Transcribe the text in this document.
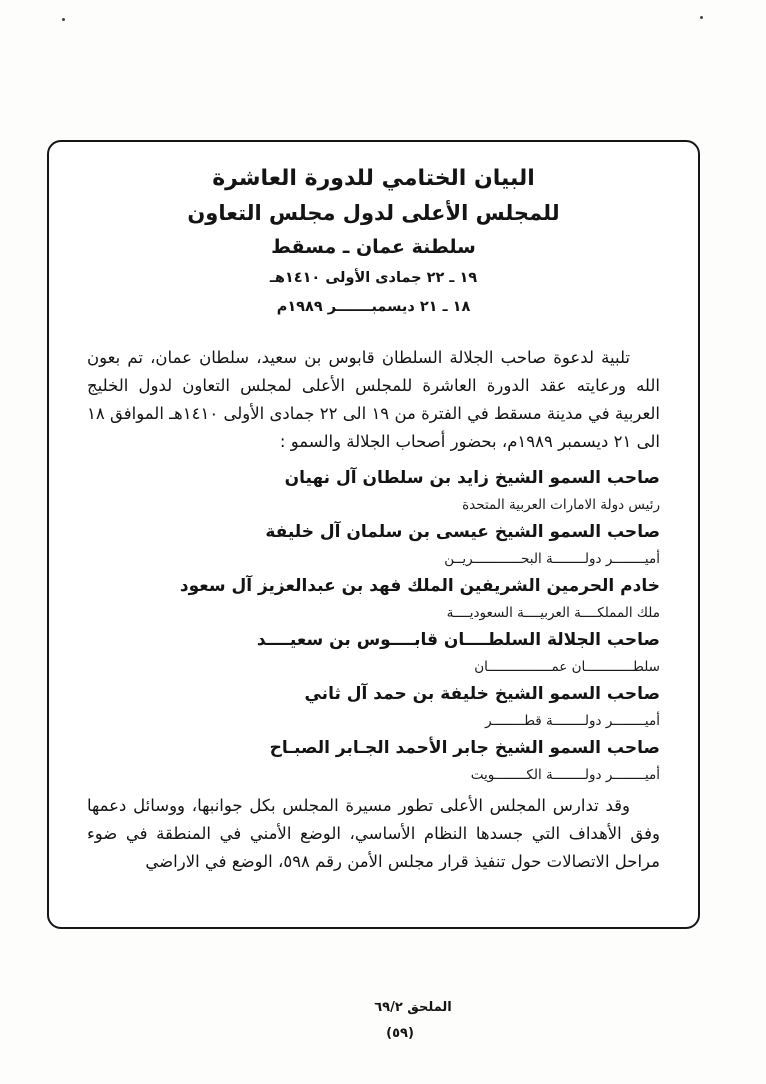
البيان الختامي للدورة العاشرة
للمجلس الأعلى لدول مجلس التعاون
سلطنة عمان ـ مسقط
١٩ ـ ٢٢ جمادى الأولى ١٤١٠هـ
١٨ ـ ٢١ ديسمبـــــــر ١٩٨٩م

تلبية لدعوة صاحب الجلالة السلطان قابوس بن سعيد، سلطان عمان، تم بعون الله ورعايته عقد الدورة العاشرة للمجلس الأعلى لمجلس التعاون لدول الخليج العربية في مدينة مسقط في الفترة من ١٩ الى ٢٢ جمادى الأولى ١٤١٠هـ الموافق ١٨ الى ٢١ ديسمبر ١٩٨٩م، بحضور أصحاب الجلالة والسمو :

صاحب السمو الشيخ زايد بن سلطان آل نهيان
رئيس دولة الامارات العربية المتحدة
صاحب السمو الشيخ عيسى بن سلمان آل خليفة
أميــــــــر دولــــــــة البحــــــــــــريــن
خادم الحرمين الشريفين الملك فهد بن عبدالعزيز آل سعود
ملك المملكــــة العربيــــة السعوديــــة
صاحب الجلالة السلطــــان قابــــوس بن سعيــــد
سلطــــــــــــان عمــــــــــــــــان
صاحب السمو الشيخ خليفة بن حمد آل ثاني
أميــــــــر دولــــــــة قطــــــــر
صاحب السمو الشيخ جابر الأحمد الجـابر الصبـاح
أميــــــــر دولــــــــة الكــــــــويت

وقد تدارس المجلس الأعلى تطور مسيرة المجلس بكل جوانبها، ووسائل دعمها وفق الأهداف التي جسدها النظام الأساسي، الوضع الأمني في المنطقة في ضوء مراحل الاتصالات حول تنفيذ قرار مجلس الأمن رقم ٥٩٨، الوضع في الاراضي

الملحق ٦٩/٢
(٥٩)
